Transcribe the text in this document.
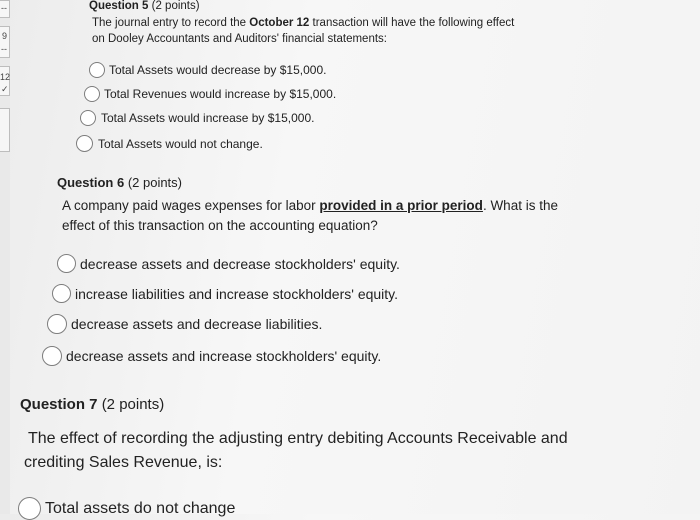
--
9
--
12
✓
Question 5 (2 points)
The journal entry to record the October 12 transaction will have the following effect
on Dooley Accountants and Auditors' financial statements:
Total Assets would decrease by $15,000.
Total Revenues would increase by $15,000.
Total Assets would increase by $15,000.
Total Assets would not change.
Question 6 (2 points)
A company paid wages expenses for labor provided in a prior period. What is the
effect of this transaction on the accounting equation?
decrease assets and decrease stockholders' equity.
increase liabilities and increase stockholders' equity.
decrease assets and decrease liabilities.
decrease assets and increase stockholders' equity.
Question 7 (2 points)
The effect of recording the adjusting entry debiting Accounts Receivable and
crediting Sales Revenue, is:
Total assets do not change
